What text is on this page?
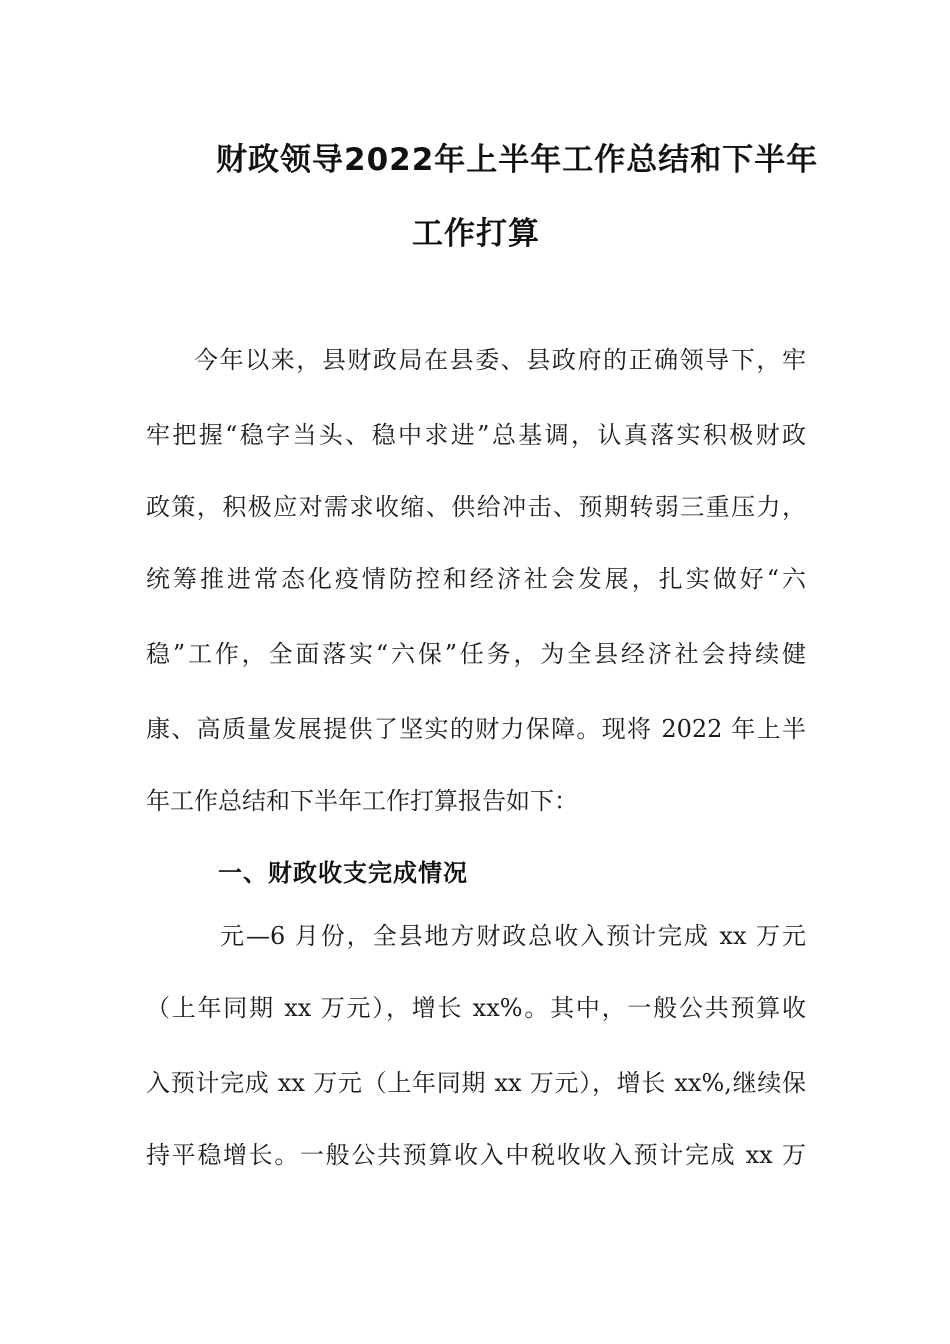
财政领导2022年上半年工作总结和下半年
工作打算
今年以来，县财政局在县委、县政府的正确领导下，牢
牢把握“稳字当头、稳中求进”总基调，认真落实积极财政
政策，积极应对需求收缩、供给冲击、预期转弱三重压力，
统筹推进常态化疫情防控和经济社会发展，扎实做好“六
稳”工作，全面落实“六保”任务，为全县经济社会持续健
康、高质量发展提供了坚实的财力保障。现将 2022 年上半
年工作总结和下半年工作打算报告如下：
一、财政收支完成情况
元—6 月份，全县地方财政总收入预计完成 xx 万元
（上年同期 xx 万元），增长 xx%。其中，一般公共预算收
入预计完成 xx 万元（上年同期 xx 万元），增长 xx%,继续保
持平稳增长。一般公共预算收入中税收收入预计完成 xx 万
